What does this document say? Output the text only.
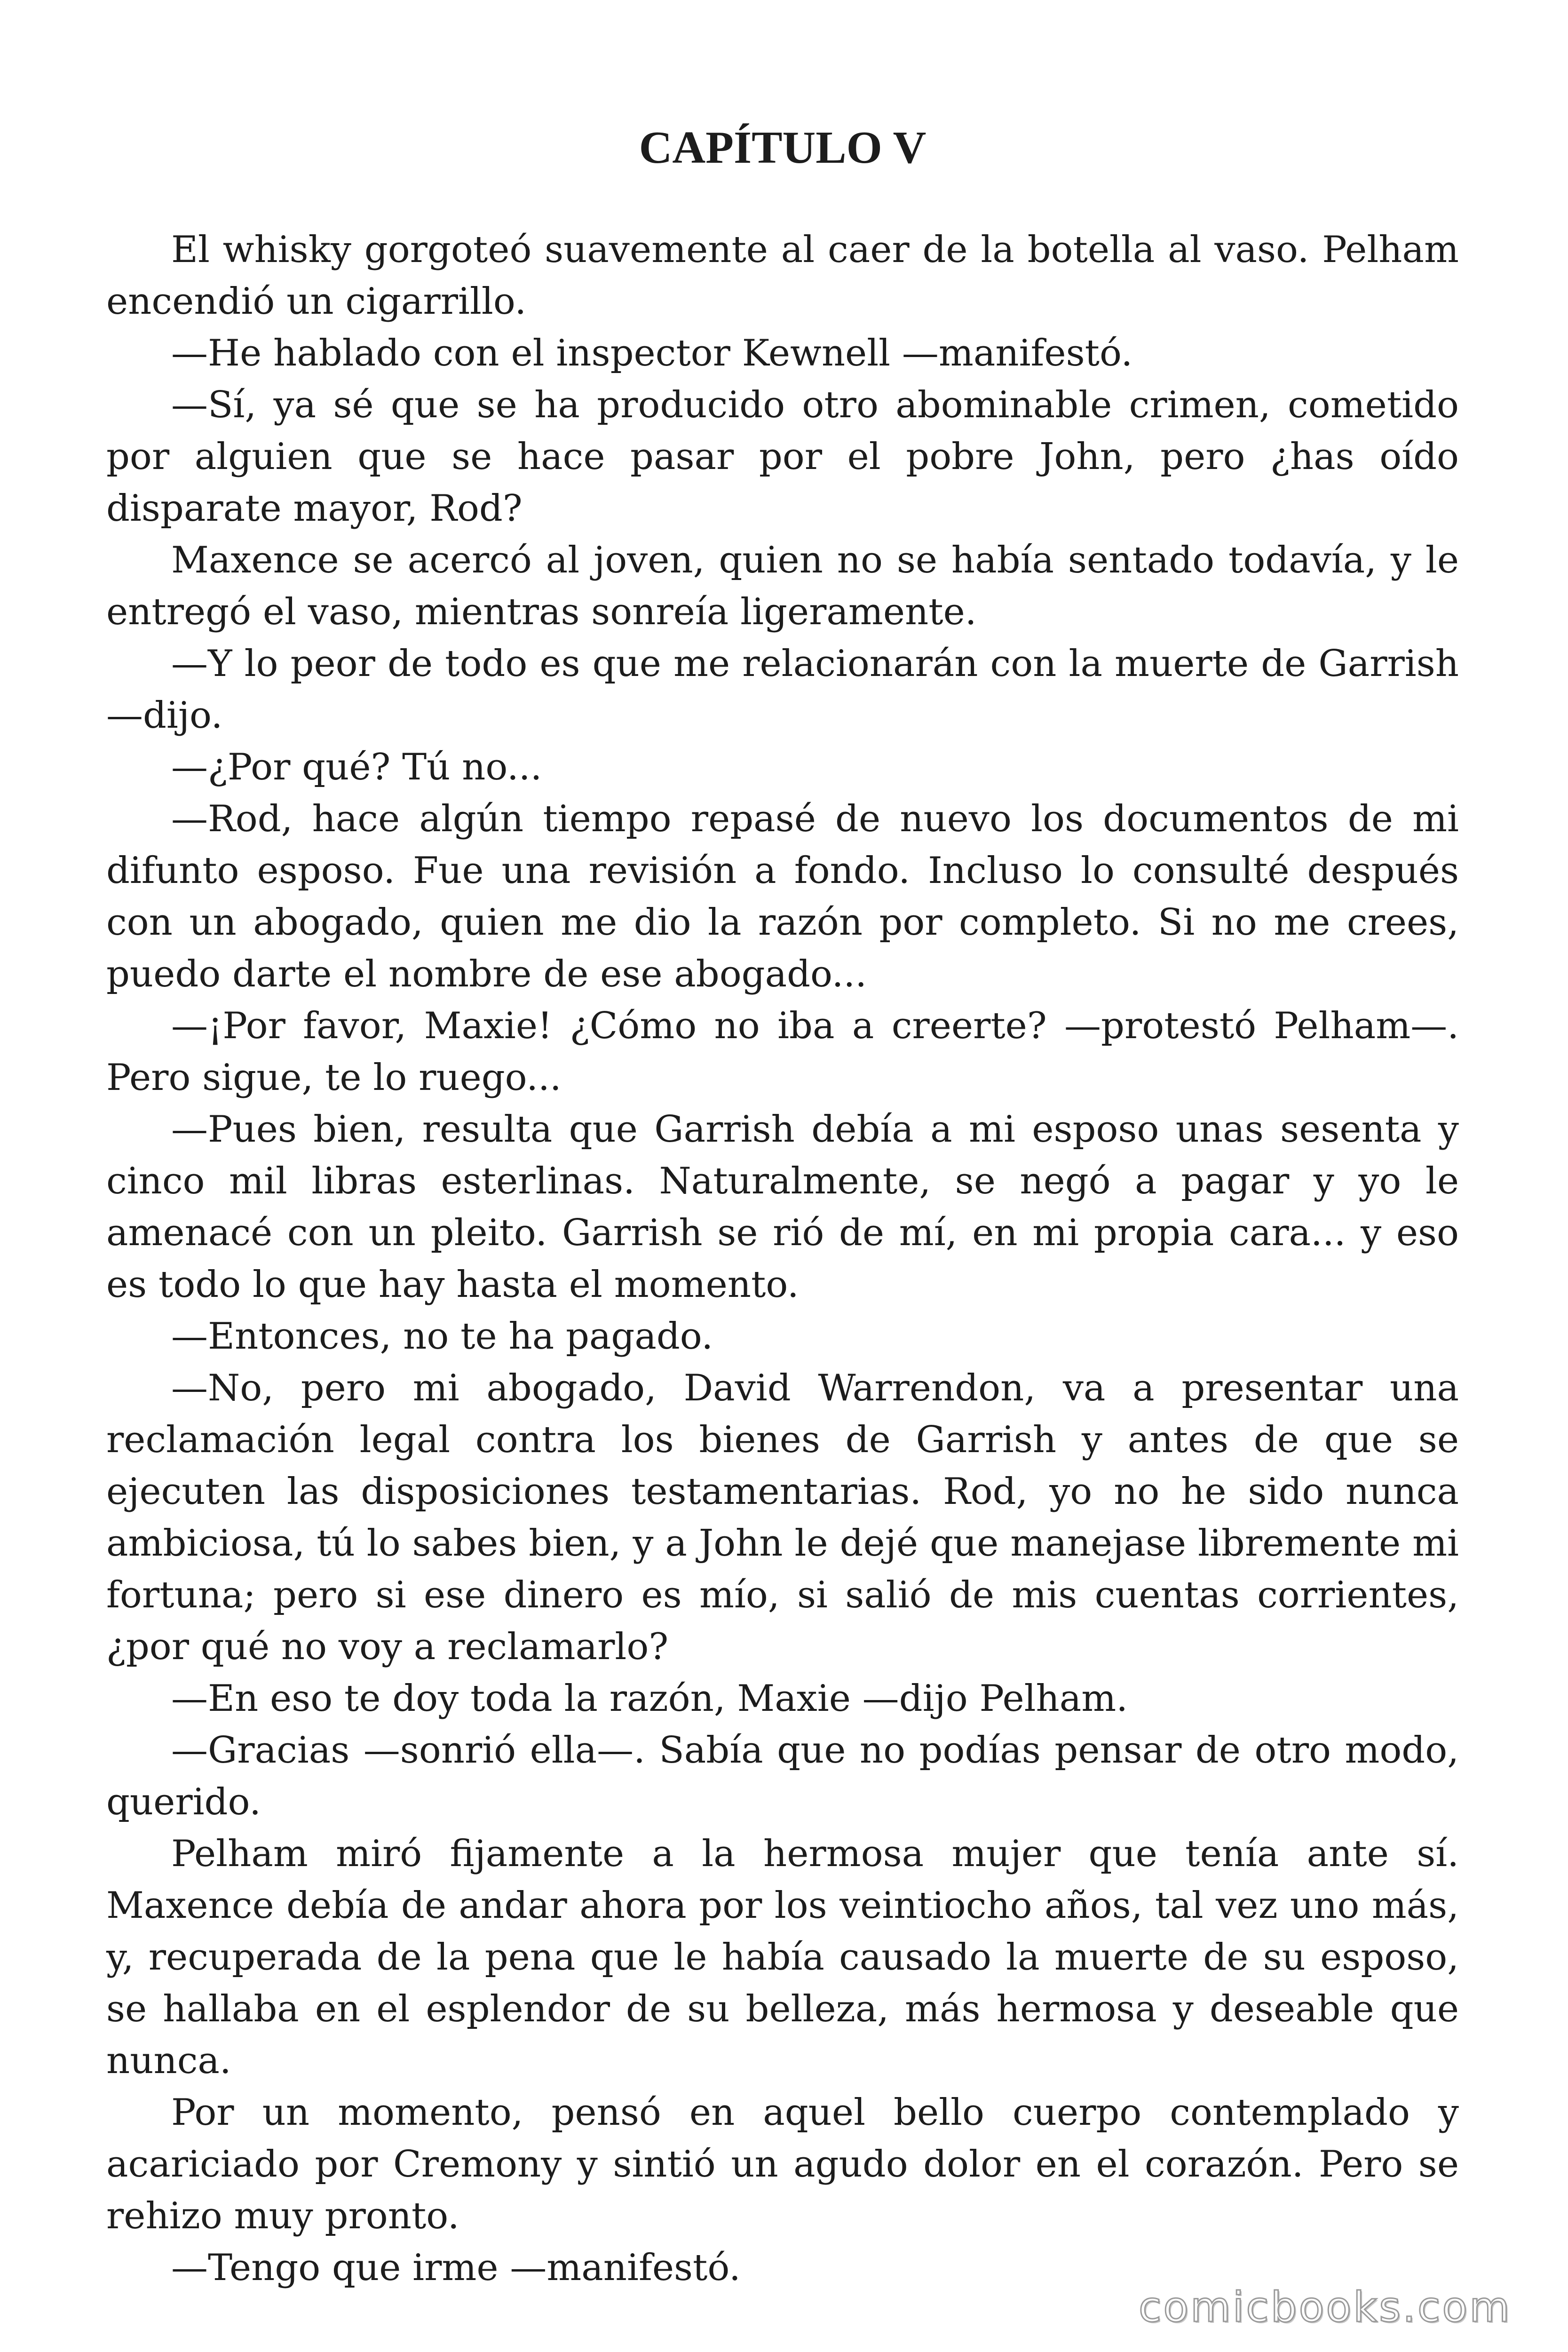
CAPÍTULO V

El whisky gorgoteó suavemente al caer de la botella al vaso. Pelham encendió un cigarrillo.

—He hablado con el inspector Kewnell —manifestó.

—Sí, ya sé que se ha producido otro abominable crimen, cometido por alguien que se hace pasar por el pobre John, pero ¿has oído disparate mayor, Rod?

Maxence se acercó al joven, quien no se había sentado todavía, y le entregó el vaso, mientras sonreía ligeramente.

—Y lo peor de todo es que me relacionarán con la muerte de Garrish —dijo.

—¿Por qué? Tú no...

—Rod, hace algún tiempo repasé de nuevo los documentos de mi difunto esposo. Fue una revisión a fondo. Incluso lo consulté después con un abogado, quien me dio la razón por completo. Si no me crees, puedo darte el nombre de ese abogado...

—¡Por favor, Maxie! ¿Cómo no iba a creerte? —protestó Pelham—. Pero sigue, te lo ruego...

—Pues bien, resulta que Garrish debía a mi esposo unas sesenta y cinco mil libras esterlinas. Naturalmente, se negó a pagar y yo le amenacé con un pleito. Garrish se rió de mí, en mi propia cara... y eso es todo lo que hay hasta el momento.

—Entonces, no te ha pagado.

—No, pero mi abogado, David Warrendon, va a presentar una reclamación legal contra los bienes de Garrish y antes de que se ejecuten las disposiciones testamentarias. Rod, yo no he sido nunca ambiciosa, tú lo sabes bien, y a John le dejé que manejase libremente mi fortuna; pero si ese dinero es mío, si salió de mis cuentas corrientes, ¿por qué no voy a reclamarlo?

—En eso te doy toda la razón, Maxie —dijo Pelham.

—Gracias —sonrió ella—. Sabía que no podías pensar de otro modo, querido.

Pelham miró fijamente a la hermosa mujer que tenía ante sí. Maxence debía de andar ahora por los veintiocho años, tal vez uno más, y, recuperada de la pena que le había causado la muerte de su esposo, se hallaba en el esplendor de su belleza, más hermosa y deseable que nunca.

Por un momento, pensó en aquel bello cuerpo contemplado y acariciado por Cremony y sintió un agudo dolor en el corazón. Pero se rehizo muy pronto.

—Tengo que irme —manifestó.

comicbooks.com
